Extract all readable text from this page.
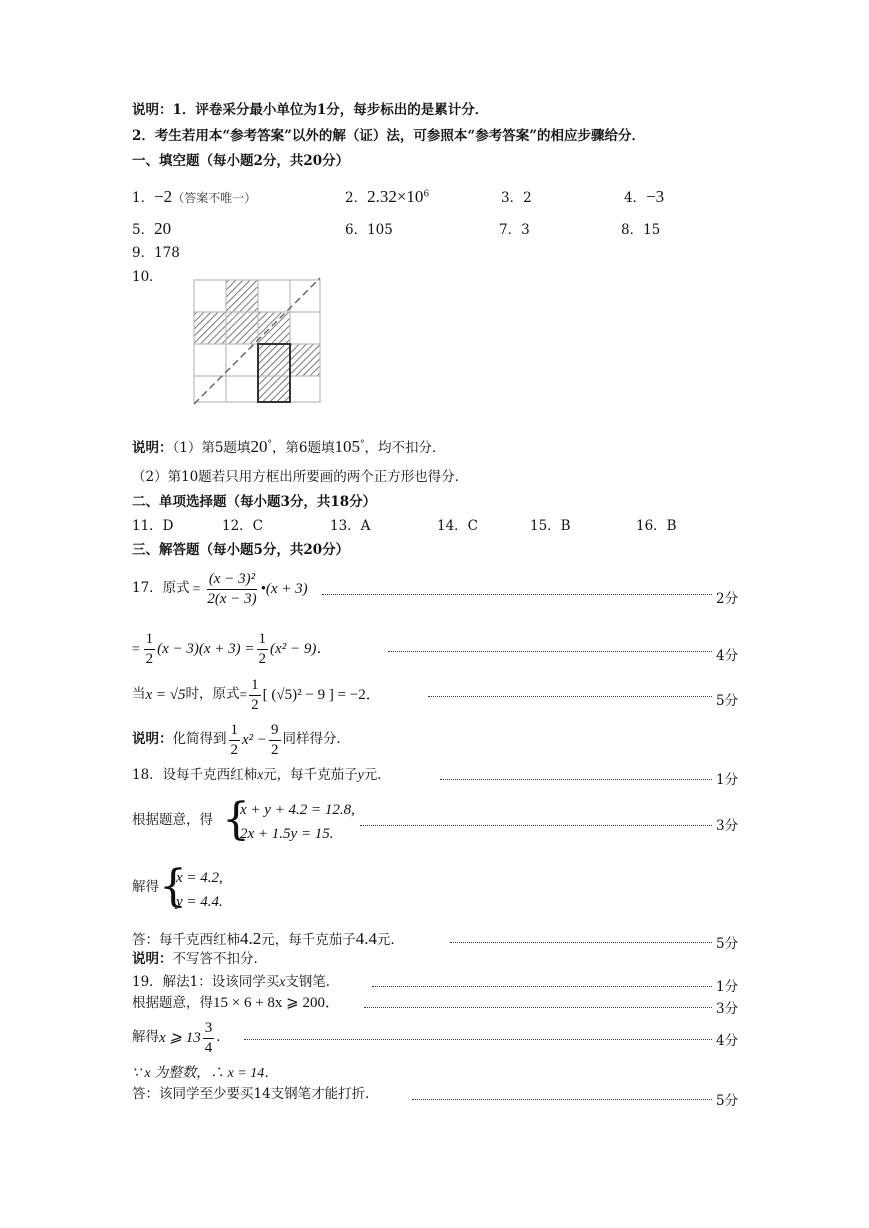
说明：1．评卷采分最小单位为1分，每步标出的是累计分．
2．考生若用本“参考答案”以外的解（证）法，可参照本“参考答案”的相应步骤给分．
一、填空题（每小题2分，共20分）
1．−2（答案不唯一）	2．$2.32\times 10^6$	3．2	4．−3
5．20	6．105	7．3	8．15
9．178
10．
说明：（1）第5题填20°，第6题填105°，均不扣分．
（2）第10题若只用方框出所要画的两个正方形也得分．
二、单项选择题（每小题3分，共18分）
11．D	12．C	13．A	14．C	15．B	16．B
三、解答题（每小题5分，共20分）
17．原式 = $\frac{\text{(x − 3)²}}{2(x - 3)}$ •(x + 3)
2分
= $\frac{1}{2} (x - 3)(x + 3) = \frac{1}{2} (x^2 - 9)$．	4分
当 x = √5 时，原式 = $\frac{1}{2}$ [ (√5)² − 9 ] = −2．	5分
说明： 化简得到 $\frac{1}{2} x^2 - \frac{9}{2}$ 同样得分．
18．设每千克西红柿x元，每千克茄子y元．	1分
根据题意，得 {
x + y + 4.2 = 12.8,
2x + 1.5y = 15.	3分
解得 {
x = 4.2,
y = 4.4.
答：每千克西红柿4.2元，每千克茄子4.4元．	5分
说明：不写答不扣分．
19．解法1：设该同学买x支钢笔．	1分
根据题意，得15 × 6 + 8x ⩾ 200．	3分
解得 x ⩾ $13 \frac{3}{4}$ ．	4分
∵ x 为整数，∴ x = 14．
答：该同学至少要买14支钢笔才能打折．	5分
